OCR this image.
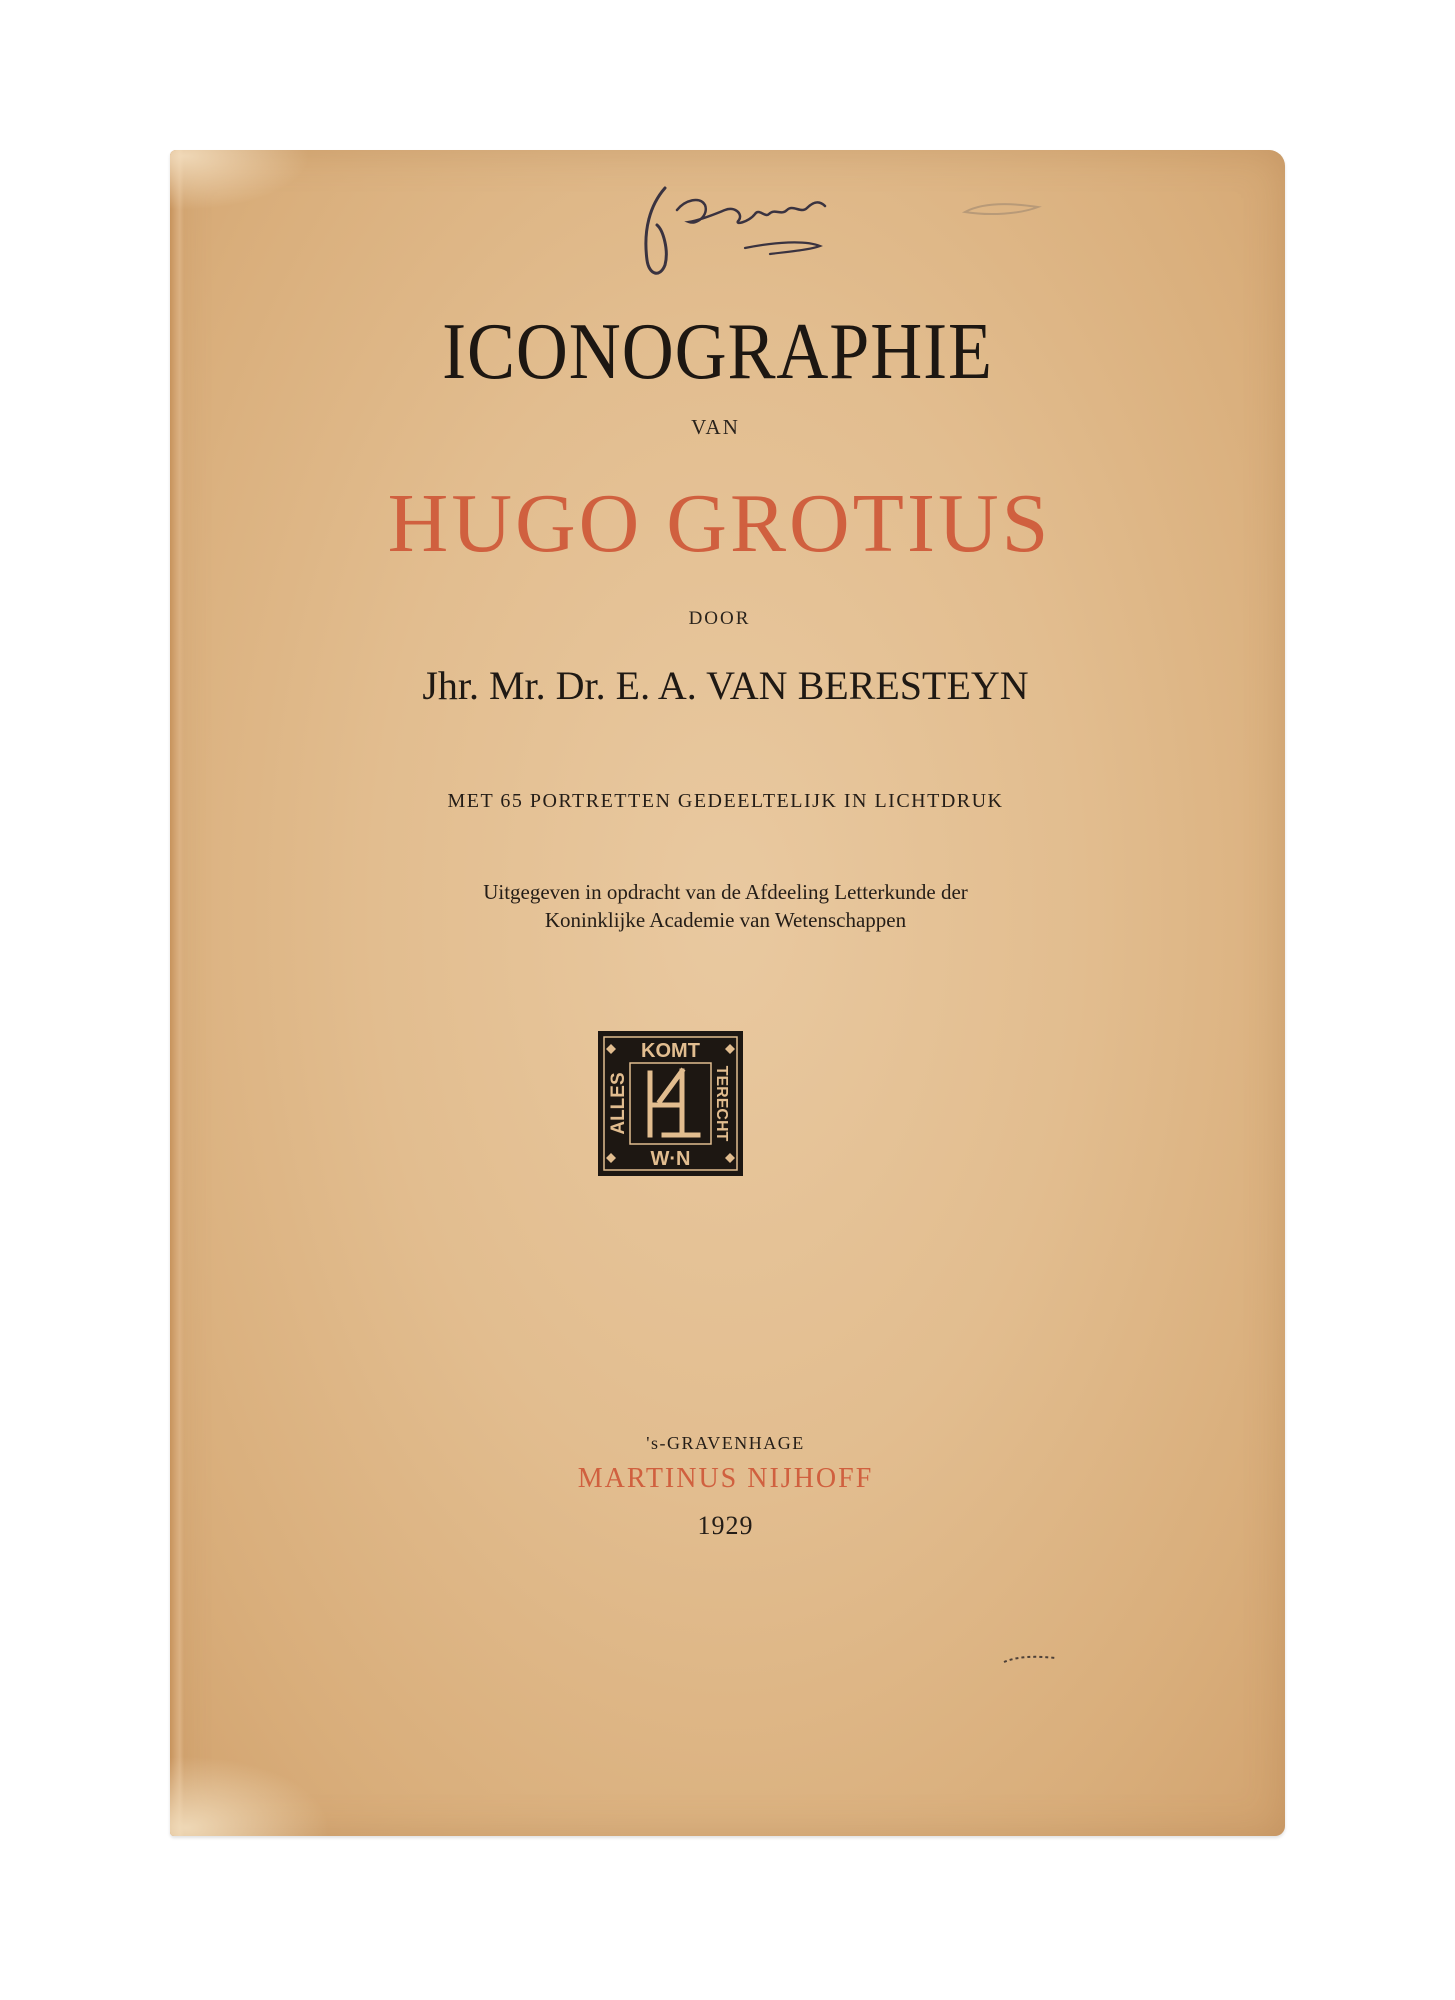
ICONOGRAPHIE
VAN
HUGO GROTIUS
DOOR
Jhr. Mr. Dr. E. A. VAN BERESTEYN
MET 65 PORTRETTEN GEDEELTELIJK IN LICHTDRUK
Uitgegeven in opdracht van de Afdeeling Letterkunde der
Koninklijke Academie van Wetenschappen
KOMT
W·N
ALLES	TERECHT
's-GRAVENHAGE
MARTINUS NIJHOFF
1929
